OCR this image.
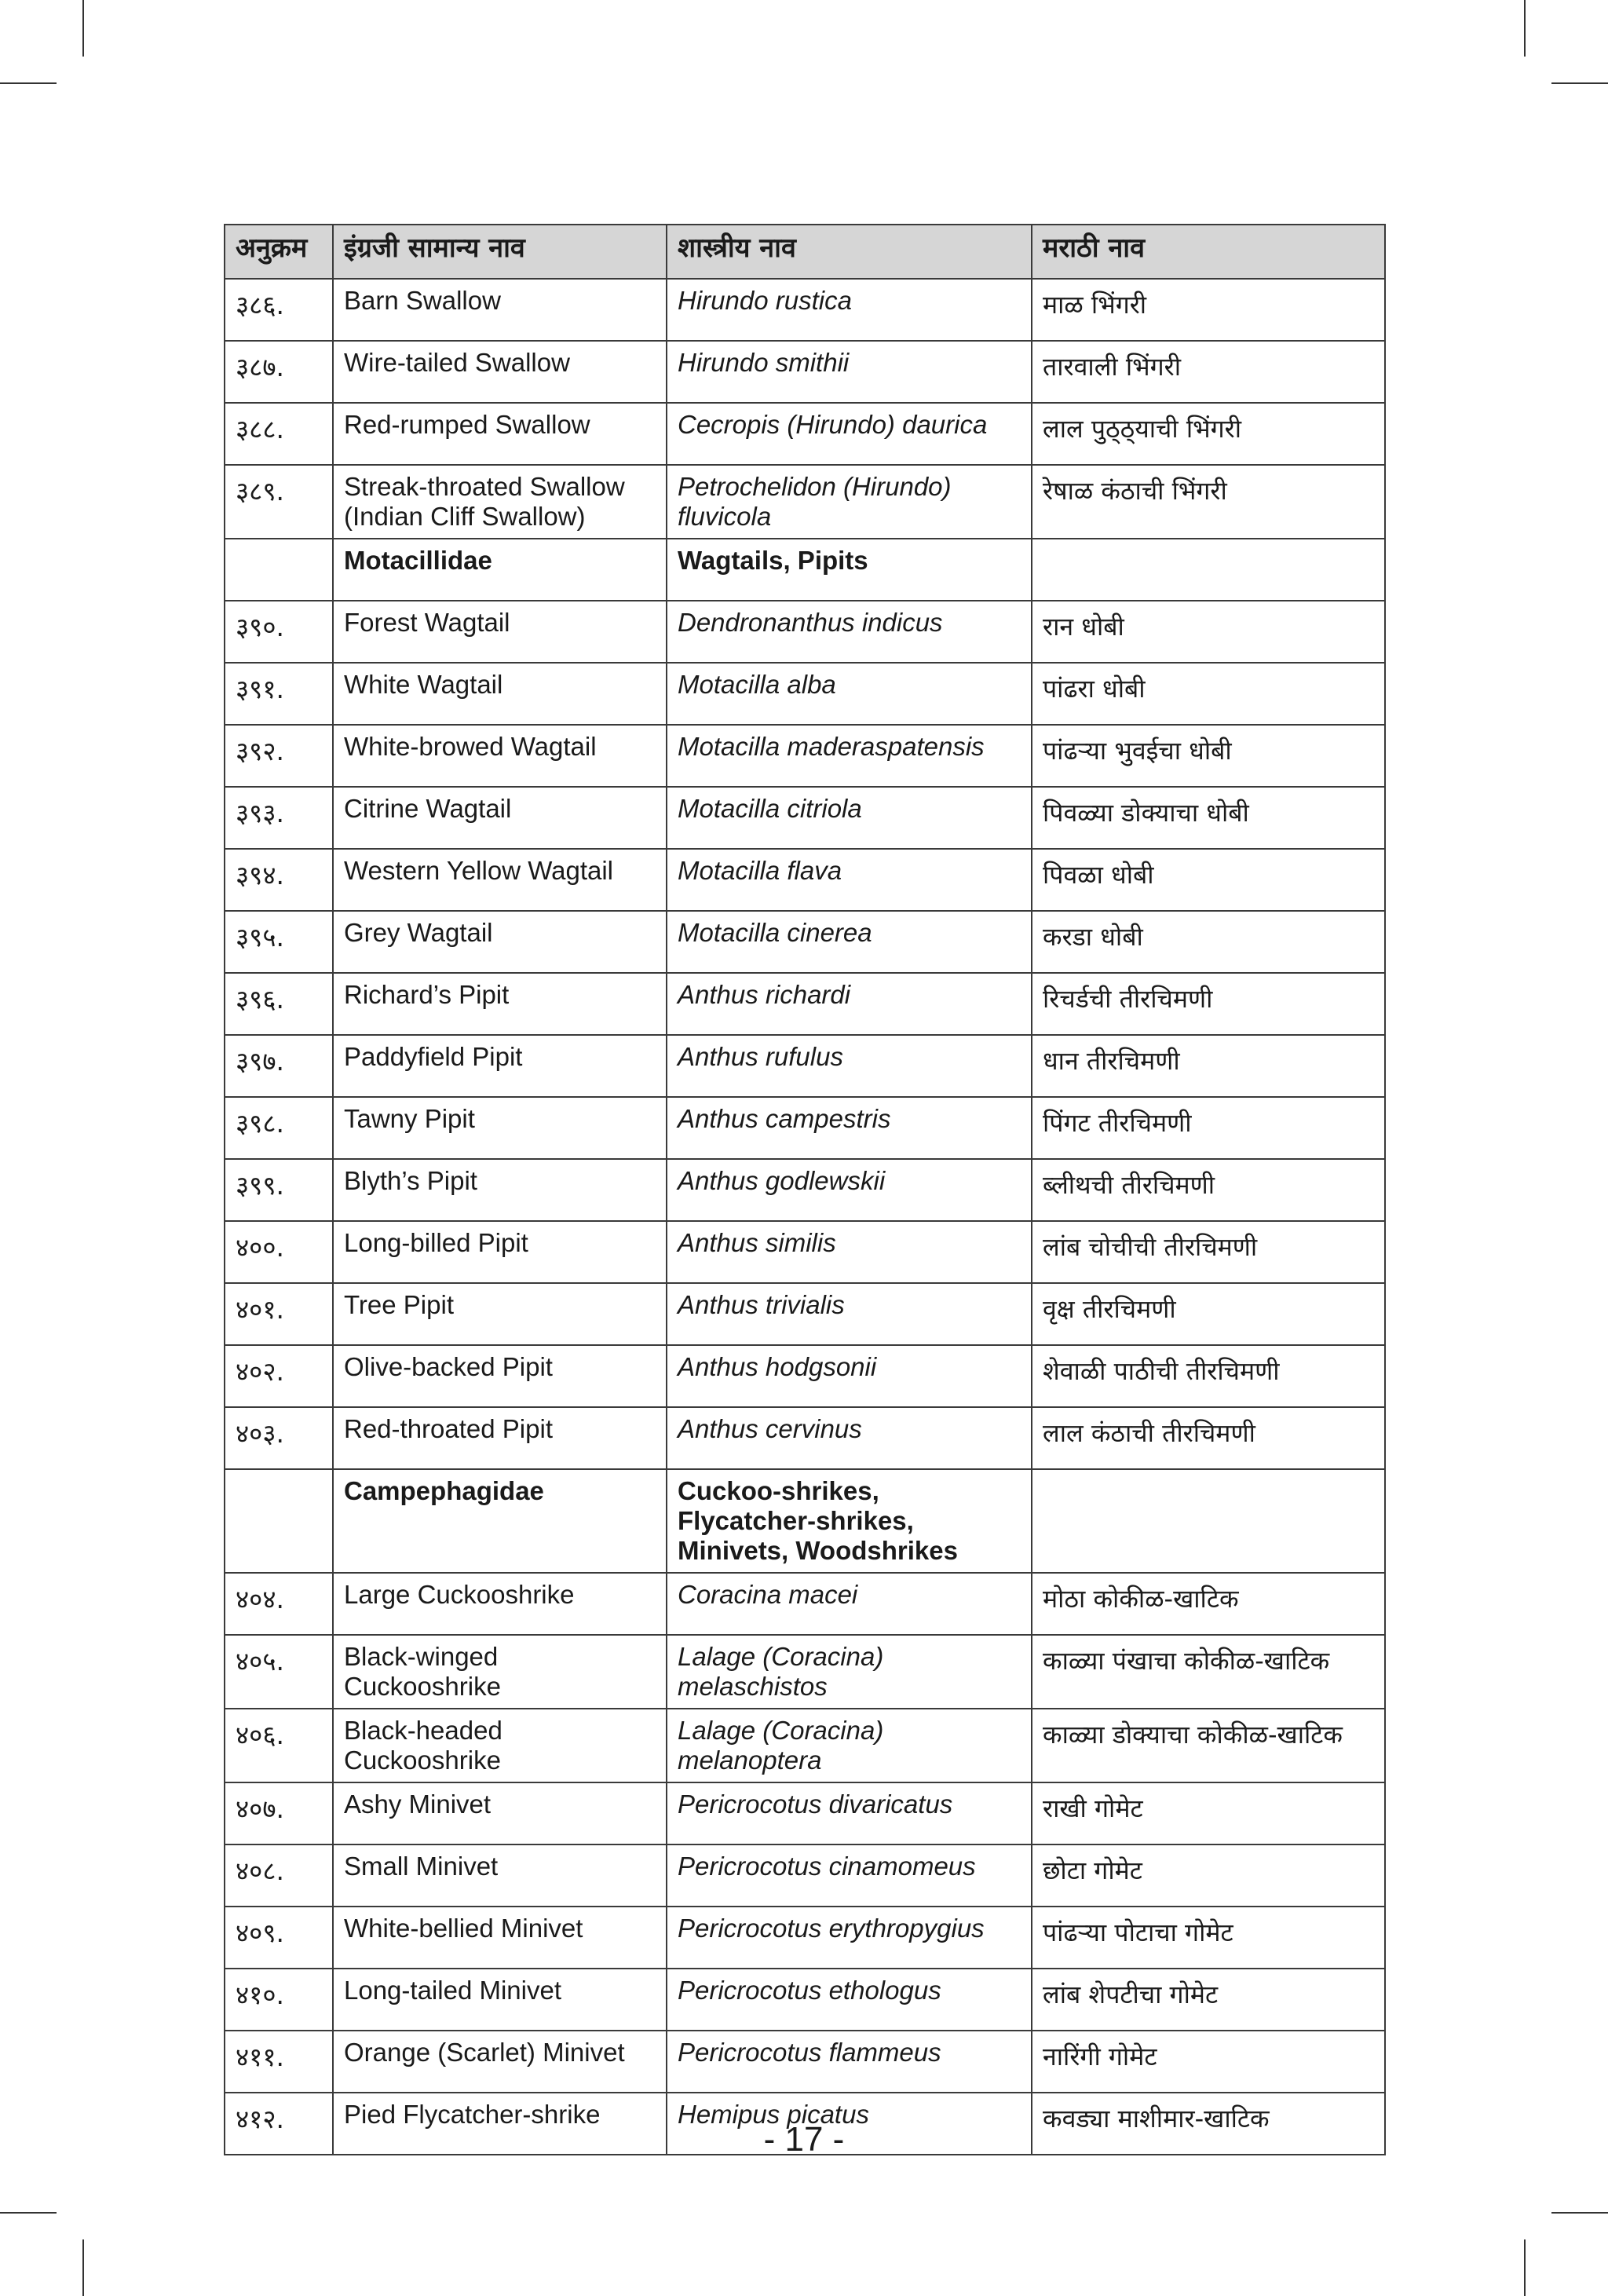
अनुक्रम	इंग्रजी सामान्य नाव	शास्त्रीय नाव	मराठी नाव
३८६.	Barn Swallow	Hirundo rustica	माळ भिंगरी
३८७.	Wire-tailed Swallow	Hirundo smithii	तारवाली भिंगरी
३८८.	Red-rumped Swallow	Cecropis (Hirundo) daurica	लाल पुठ्ठ्याची भिंगरी
३८९.	Streak-throated Swallow (Indian Cliff Swallow)	Petrochelidon (Hirundo) fluvicola	रेषाळ कंठाची भिंगरी
	Motacillidae	Wagtails, Pipits	
३९०.	Forest Wagtail	Dendronanthus indicus	रान धोबी
३९१.	White Wagtail	Motacilla alba	पांढरा धोबी
३९२.	White-browed Wagtail	Motacilla maderaspatensis	पांढऱ्या भुवईचा धोबी
३९३.	Citrine Wagtail	Motacilla citriola	पिवळ्या डोक्याचा धोबी
३९४.	Western Yellow Wagtail	Motacilla flava	पिवळा धोबी
३९५.	Grey Wagtail	Motacilla cinerea	करडा धोबी
३९६.	Richard’s Pipit	Anthus richardi	रिचर्डची तीरचिमणी
३९७.	Paddyfield Pipit	Anthus rufulus	धान तीरचिमणी
३९८.	Tawny Pipit	Anthus campestris	पिंगट तीरचिमणी
३९९.	Blyth’s Pipit	Anthus godlewskii	ब्लीथची तीरचिमणी
४००.	Long-billed Pipit	Anthus similis	लांब चोचीची तीरचिमणी
४०१.	Tree Pipit	Anthus trivialis	वृक्ष तीरचिमणी
४०२.	Olive-backed Pipit	Anthus hodgsonii	शेवाळी पाठीची तीरचिमणी
४०३.	Red-throated Pipit	Anthus cervinus	लाल कंठाची तीरचिमणी
	Campephagidae	Cuckoo-shrikes, Flycatcher-shrikes, Minivets, Woodshrikes	
४०४.	Large Cuckooshrike	Coracina macei	मोठा कोकीळ-खाटिक
४०५.	Black-winged Cuckooshrike	Lalage (Coracina) melaschistos	काळ्या पंखाचा कोकीळ-खाटिक
४०६.	Black-headed Cuckooshrike	Lalage (Coracina) melanoptera	काळ्या डोक्याचा कोकीळ-खाटिक
४०७.	Ashy Minivet	Pericrocotus divaricatus	राखी गोमेट
४०८.	Small Minivet	Pericrocotus cinamomeus	छोटा गोमेट
४०९.	White-bellied Minivet	Pericrocotus erythropygius	पांढऱ्या पोटाचा गोमेट
४१०.	Long-tailed Minivet	Pericrocotus ethologus	लांब शेपटीचा गोमेट
४११.	Orange (Scarlet) Minivet	Pericrocotus flammeus	नारिंगी गोमेट
४१२.	Pied Flycatcher-shrike	Hemipus picatus	कवड्या माशीमार-खाटिक
- 17 -
